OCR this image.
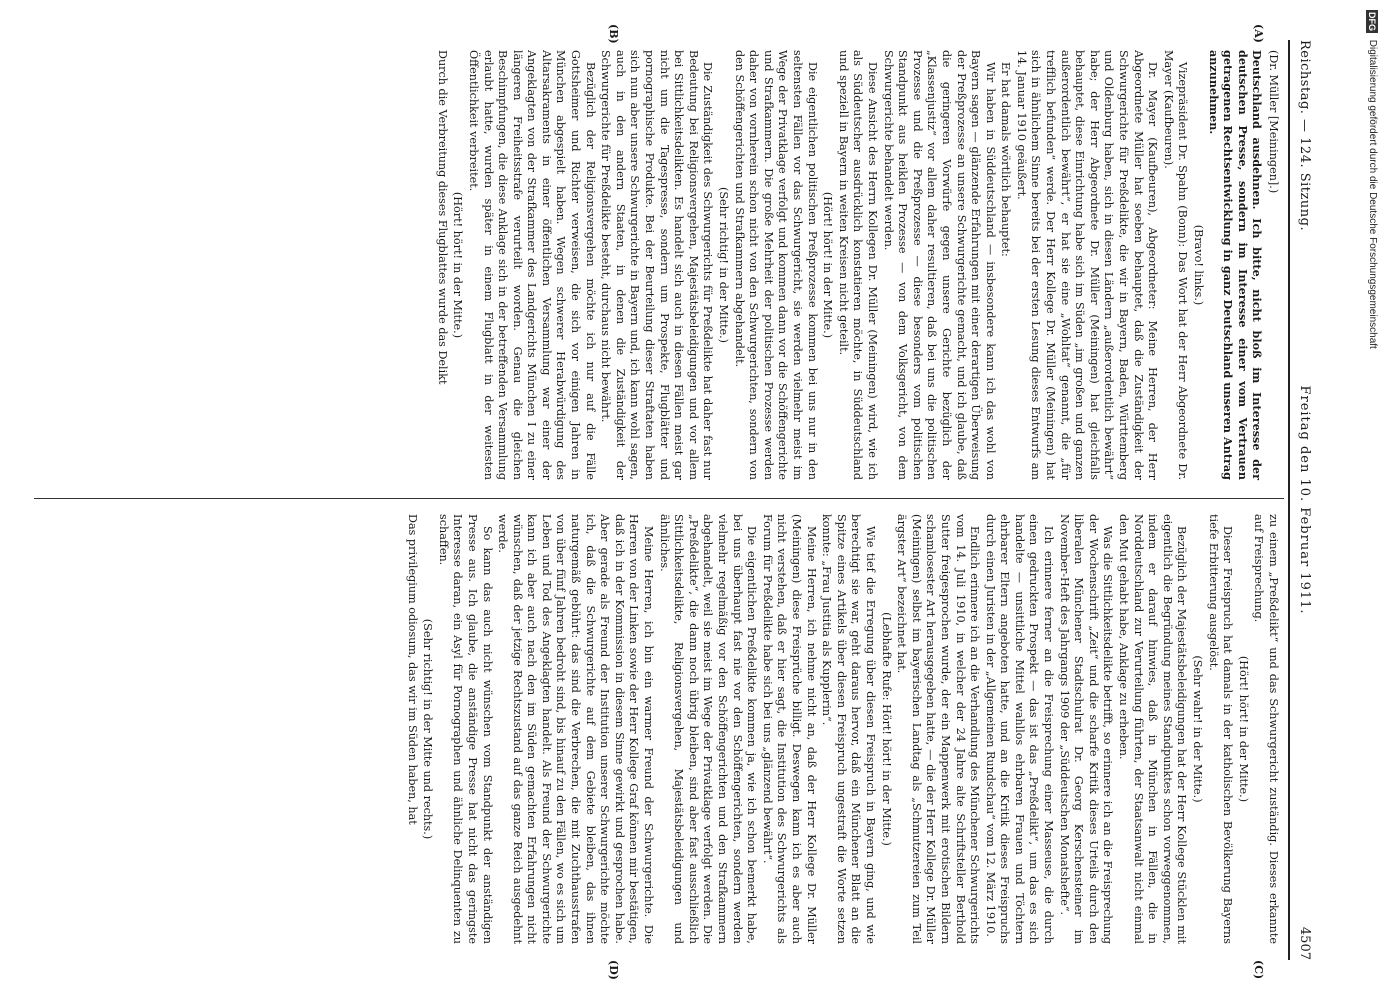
Reichstag. — 124. Sitzung.
Freitag den 10. Februar 1911.
4507
(A)
(B)
(C)
(D)

(Dr. Müller [Meiningen].)

Deutschland ausdehnen. Ich bitte, nicht bloß im Interesse der deutschen Presse, sondern im Interesse einer vom Vertrauen getragenen Rechtsentwicklung in ganz Deutschland unseren Antrag anzunehmen.

(Bravo! links.)

Vizepräsident Dr. Spahn (Bonn): Das Wort hat der Herr Abgeordnete Dr. Mayer (Kaufbeuren).

Dr. Mayer (Kaufbeuren), Abgeordneter: Meine Herren, der Herr Abgeordnete Müller hat soeben behauptet, daß die Zuständigkeit der Schwurgerichte für Preßdelikte, die wir in Bayern, Baden, Württemberg und Oldenburg haben, sich in diesen Ländern „außerordentlich bewährt“ habe; der Herr Abgeordnete Dr. Müller (Meiningen) hat gleichfalls behauptet, diese Einrichtung habe sich im Süden „im großen und ganzen außerordentlich bewährt“, er hat sie eine „Wohltat“ genannt, die „für trefflich befunden“ werde. Der Herr Kollege Dr. Müller (Meiningen) hat sich in ähnlichem Sinne bereits bei der ersten Lesung dieses Entwurfs am 14. Januar 1910 geäußert.

Er hat damals wörtlich behauptet:

Wir haben in Süddeutschland — insbesondere kann ich das wohl von Bayern sagen — glänzende Erfahrungen mit einer derartigen Überweisung der Preßprozesse an unsere Schwurgerichte gemacht, und ich glaube, daß die geringeren Vorwürfe gegen unsere Gerichte bezüglich der „Klassenjustiz“ vor allem daher resultieren, daß bei uns die politischen Prozesse und die Preßprozesse — diese besonders vom politischen Standpunkt aus heiklen Prozesse — von dem Volksgericht, von dem Schwurgerichte behandelt werden.

Diese Ansicht des Herrn Kollegen Dr. Müller (Meiningen) wird, wie ich als Süddeutscher ausdrücklich konstatieren möchte, in Süddeutschland und speziell in Bayern in weiten Kreisen nicht geteilt.

(Hört! hört! in der Mitte.)

Die eigentlichen politischen Preßprozesse kommen bei uns nur in den seltensten Fällen vor das Schwurgericht, sie werden vielmehr meist im Wege der Privatklage verfolgt und kommen dann vor die Schöffengerichte und Strafkammern. Die große Mehrheit der politischen Prozesse werden daher von vornherein schon nicht von den Schwurgerichten, sondern von den Schöffengerichten und Strafkammern abgehandelt.

(Sehr richtig! in der Mitte.)

Die Zuständigkeit des Schwurgerichts für Preßdelikte hat daher fast nur Bedeutung bei Religionsvergehen, Majestätsbeleidigungen und vor allem bei Sittlichkeitsdelikten. Es handelt sich auch in diesen Fällen meist gar nicht um die Tagespresse, sondern um Prospekte, Flugblätter und pornographische Produkte. Bei der Beurteilung dieser Straftaten haben sich nun aber unsere Schwurgerichte in Bayern und, ich kann wohl sagen, auch in den andern Staaten, in denen die Zuständigkeit der Schwurgerichte für Preßdelikte besteht, durchaus nicht bewährt.

Bezüglich der Religionsvergehen möchte ich nur auf die Fälle Gottsheimer und Richter verweisen, die sich vor einigen Jahren in München abgespielt haben. Wegen schwerer Herabwürdigung des Altarsakraments in einer öffentlichen Versammlung war einer der Angeklagten von der Strafkammer des Landgerichts München I zu einer längeren Freiheitsstrafe verurteilt worden. Genau die gleichen Beschimpfungen, die diese Anklage sich in der betreffenden Versammlung erlaubt hatte, wurden später in einem Flugblatt in der weitesten Öffentlichkeit verbreitet.

(Hört! hört! in der Mitte.)

Durch die Verbreitung dieses Flugblattes wurde das Delikt

zu einem „Preßdelikt“ und das Schwurgericht zuständig. Dieses erkannte auf Freisprechung.

(Hört! hört! in der Mitte.)

Dieser Freispruch hat damals in der katholischen Bevölkerung Bayerns tiefe Erbitterung ausgelöst.

(Sehr wahr! in der Mitte.)

Bezüglich der Majestätsbeleidigungen hat der Herr Kollege Stücklen mit eigentlich die Begründung meines Standpunktes schon vorweggenommen, indem er darauf hinwies, daß in München in Fällen, die in Norddeutschland zur Verurteilung führten, der Staatsanwalt nicht einmal den Mut gehabt habe, Anklage zu erheben.

Was die Sittlichkeitsdelikte betrifft, so erinnere ich an die Freisprechung der Wochenschrift „Zeit“ und die scharfe Kritik dieses Urteils durch den liberalen Münchener Stadtschulrat Dr. Georg Kerschensteiner im November-Heft des Jahrgangs 1909 der „Süddeutschen Monatshefte“.

Ich erinnere ferner an die Freisprechung einer Masseuse, die durch einen gedruckten Prospekt — das ist das „Preßdelikt“, um das es sich handelte — unsittliche Mittel wahllos ehrbaren Frauen und Töchtern ehrbarer Eltern angeboten hatte, und an die Kritik dieses Freispruchs durch einen Juristen in der „Allgemeinen Rundschau“ vom 12. März 1910.

Endlich erinnere ich an die Verhandlung des Münchener Schwurgerichts vom 14. Juli 1910, in welcher der 24 Jahre alte Schriftsteller Berthold Sutter freigesprochen wurde, der ein Mappenwerk mit erotischen Bildern schamlosester Art herausgegeben hatte, — die der Herr Kollege Dr. Müller (Meiningen) selbst im bayerischen Landtag als „Schmutzereien zum Teil ärgster Art“ bezeichnet hat.

(Lebhafte Rufe: Hört! hört! in der Mitte.)

Wie tief die Erregung über diesen Freispruch in Bayern ging, und wie berechtigt sie war, geht daraus hervor, daß ein Münchener Blatt an die Spitze eines Artikels über diesen Freispruch ungestraft die Worte setzen konnte: „Frau Justitia als Kupplerin“.

Meine Herren, ich nehme nicht an, daß der Herr Kollege Dr. Müller (Meiningen) diese Freisprüche billigt. Deswegen kann ich es aber auch nicht verstehen, daß er hier sagt, die Institution des Schwurgerichts als Forum für Preßdelikte habe sich bei uns „glänzend bewährt“.

Die eigentlichen Preßdelikte kommen ja, wie ich schon bemerkt habe, bei uns überhaupt fast nie vor den Schöffengerichten, sondern werden vielmehr regelmäßig vor den Schöffengerichten und den Strafkammern abgehandelt, weil sie meist im Wege der Privatklage verfolgt werden. Die „Preßdelikte“, die dann noch übrig bleiben, sind aber fast ausschließlich Sittlichkeitsdelikte, Religionsvergehen, Majestätsbeleidigungen und ähnliches.

Meine Herren, ich bin ein warmer Freund der Schwurgerichte. Die Herren von der Linken sowie der Herr Kollege Graf können mir bestätigen, daß ich in der Kommission in diesem Sinne gewirkt und gesprochen habe. Aber gerade als Freund der Institution unserer Schwurgerichte möchte ich, daß die Schwurgerichte auf dem Gebiete bleiben, das ihnen naturgemäß gebührt: das sind die Verbrechen, die mit Zuchthausstrafen von über fünf Jahren bedroht sind, bis hinauf zu den Fällen, wo es sich um Leben und Tod des Angeklagten handelt. Als Freund der Schwurgerichte kann ich aber auch nach den im Süden gemachten Erfahrungen nicht wünschen, daß der jetzige Rechtszustand auf das ganze Reich ausgedehnt werde.

So kann das auch nicht wünschen vom Standpunkt der anständigen Presse aus. Ich glaube, die anständige Presse hat nicht das geringste Interesse daran, ein Asyl für Pornographen und ähnliche Delinquenten zu schaffen.

(Sehr richtig! in der Mitte und rechts.)

Das privilegium odiosum, das wir im Süden haben, hat

DFG Digitalisierung gefördert durch die Deutsche Forschungsgemeinschaft
